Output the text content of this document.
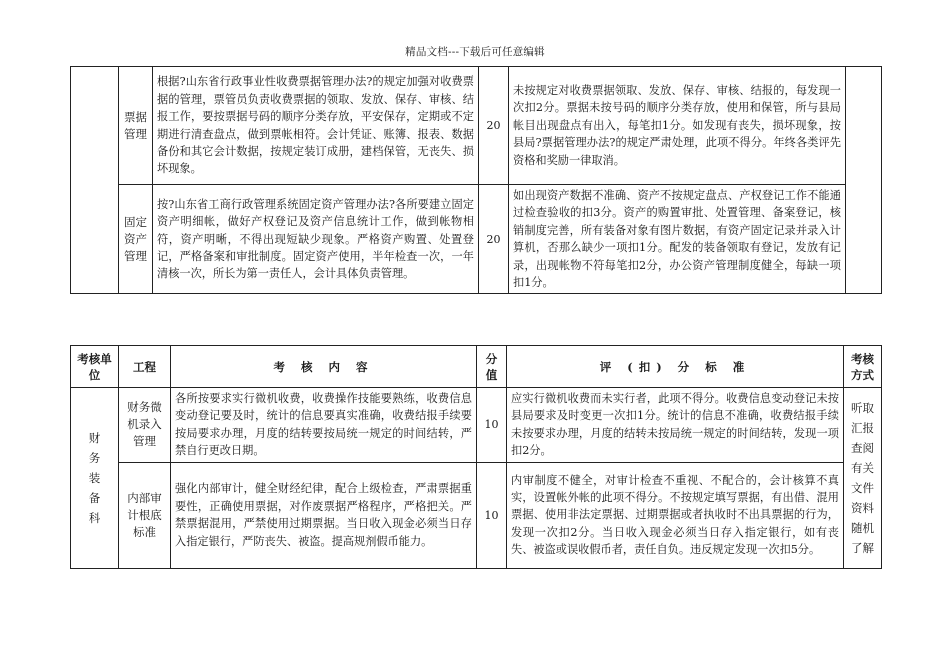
精品文档---下载后可任意编辑
	票据管理	根据?山东省行政事业性收费票据管理办法?的规定加强对收费票据的管理，票管员负责收费票据的领取、发放、保存、审核、结报工作，要按票据号码的顺序分类存放，平安保存，定期或不定期进行清查盘点，做到票帐相符。会计凭证、账簿、报表、数据备份和其它会计数据，按规定装订成册，建档保管，无丧失、损坏现象。	20	未按规定对收费票据领取、发放、保存、审核、结报的，每发现一次扣2分。票据未按号码的顺序分类存放，使用和保管，所与县局帐目出现盘点有出入，每笔扣1分。如发现有丧失，损坏现象，按县局?票据管理办法?的规定严肃处理，此项不得分。年终各类评先资格和奖励一律取消。	
	固定资产管理	按?山东省工商行政管理系统固定资产管理办法?各所要建立固定资产明细帐，做好产权登记及资产信息统计工作，做到帐物相符，资产明晰，不得出现短缺少现象。严格资产购置、处置登记，严格备案和审批制度。固定资产使用，半年检查一次，一年清核一次，所长为第一责任人，会计具体负责管理。	20	如出现资产数据不准确、资产不按规定盘点、产权登记工作不能通过检查验收的扣3分。资产的购置审批、处置管理、备案登记，核销制度完善，所有装备对象有图片数据，有资产固定记录并录入计算机，否那么缺少一项扣1分。配发的装备领取有登记，发放有记录，出现帐物不符每笔扣2分，办公资产管理制度健全，每缺一项扣1分。	
考核单位	工程	考 核 内 容	分值	评 (扣) 分 标 准	考核方式

财务装备科	财务微机录入管理	各所按要求实行微机收费，收费操作技能要熟练，收费信息变动登记要及时，统计的信息要真实准确，收费结报手续要按局要求办理，月度的结转要按局统一规定的时间结转，严禁自行更改日期。	10	应实行微机收费而未实行者，此项不得分。收费信息变动登记未按县局要求及时变更一次扣1分。统计的信息不准确，收费结报手续未按要求办理，月度的结转未按局统一规定的时间结转，发现一项扣2分。	听取汇报查阅有关文件资料随机了解

	内部审计根底标准	强化内部审计，健全财经纪律，配合上级检查，严肃票据重要性，正确使用票据，对作废票据严格程序，严格把关。严禁票据混用，严禁使用过期票据。当日收入现金必须当日存入指定银行，严防丧失、被盗。提高规剂假币能力。	10	内审制度不健全，对审计检查不重视、不配合的，会计核算不真实，设置帐外帐的此项不得分。不按规定填写票据，有出借、混用票据、使用非法定票据、过期票据或者执收时不出具票据的行为，发现一次扣2分。当日收入现金必须当日存入指定银行，如有丧失、被盗或误收假币者，责任自负。违反规定发现一次扣5分。	
